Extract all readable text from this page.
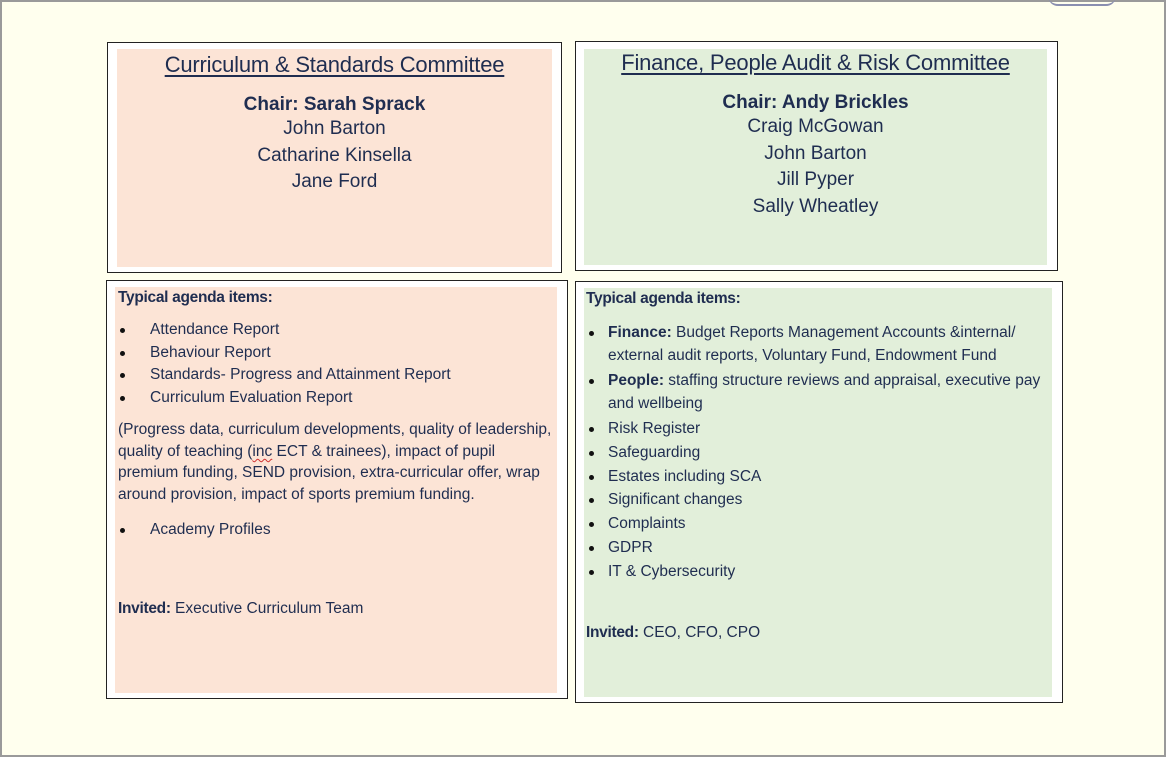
Curriculum & Standards Committee

Chair: Sarah Sprack
John Barton
Catharine Kinsella
Jane Ford

Finance, People Audit & Risk Committee

Chair: Andy Brickles
Craig McGowan
John Barton
Jill Pyper
Sally Wheatley
Typical agenda items:
Attendance Report
Behaviour Report
Standards- Progress and Attainment Report
Curriculum Evaluation Report
(Progress data, curriculum developments, quality of leadership, quality of teaching (inc ECT & trainees), impact of pupil premium funding, SEND provision, extra-curricular offer, wrap around provision, impact of sports premium funding.
Academy Profiles
Invited: Executive Curriculum Team
Typical agenda items:
Finance: Budget Reports Management Accounts &internal/ external audit reports, Voluntary Fund, Endowment Fund
People: staffing structure reviews and appraisal, executive pay and wellbeing
Risk Register
Safeguarding
Estates including SCA
Significant changes
Complaints
GDPR
IT & Cybersecurity
Invited: CEO, CFO, CPO
